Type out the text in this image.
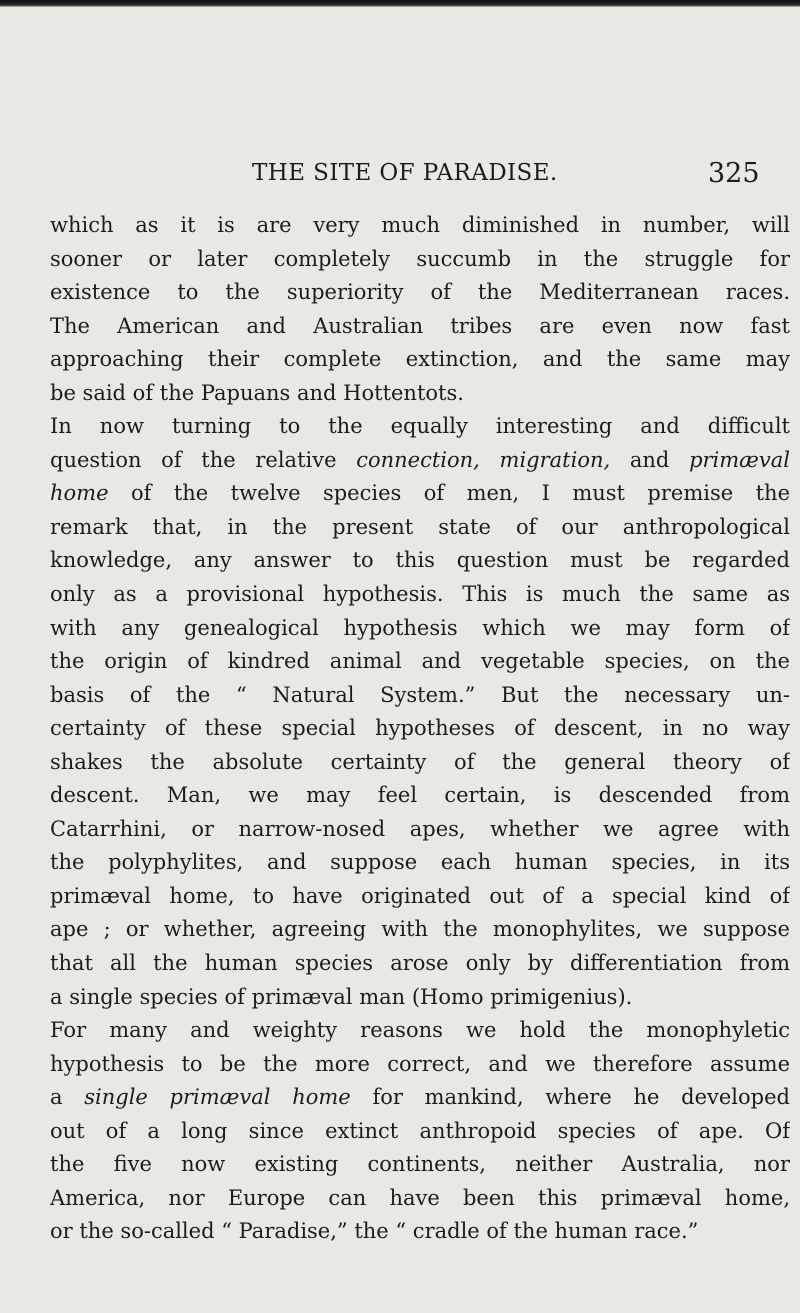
THE SITE OF PARADISE.	325
which as it is are very much diminished in number, will
sooner or later completely succumb in the struggle for
existence to the superiority of the Mediterranean races.
The American and Australian tribes are even now fast
approaching their complete extinction, and the same may
be said of the Papuans and Hottentots.
In now turning to the equally interesting and difficult
question of the relative connection, migration, and primæval
home of the twelve species of men, I must premise the
remark that, in the present state of our anthropological
knowledge, any answer to this question must be regarded
only as a provisional hypothesis. This is much the same as
with any genealogical hypothesis which we may form of
the origin of kindred animal and vegetable species, on the
basis of the “ Natural System.” But the necessary un-
certainty of these special hypotheses of descent, in no way
shakes the absolute certainty of the general theory of
descent. Man, we may feel certain, is descended from
Catarrhini, or narrow-nosed apes, whether we agree with
the polyphylites, and suppose each human species, in its
primæval home, to have originated out of a special kind of
ape ; or whether, agreeing with the monophylites, we suppose
that all the human species arose only by differentiation from
a single species of primæval man (Homo primigenius).
For many and weighty reasons we hold the monophyletic
hypothesis to be the more correct, and we therefore assume
a single primæval home for mankind, where he developed
out of a long since extinct anthropoid species of ape. Of
the five now existing continents, neither Australia, nor
America, nor Europe can have been this primæval home,
or the so-called “ Paradise,” the “ cradle of the human race.”
